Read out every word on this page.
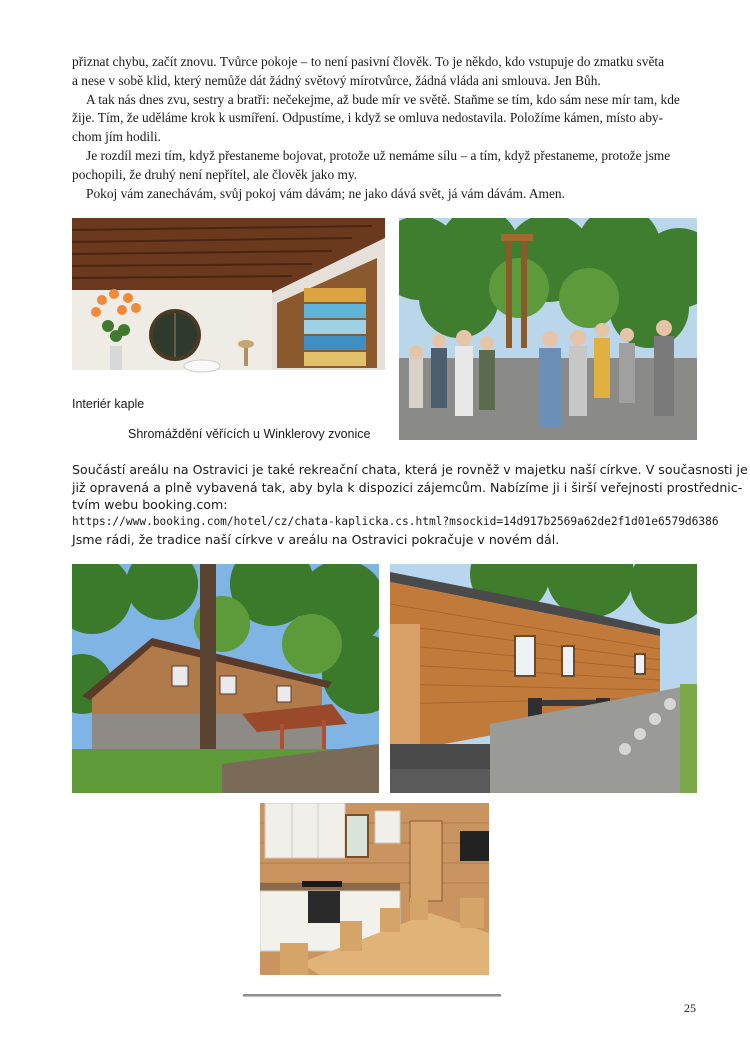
přiznat chybu, začít znovu. Tvůrce pokoje – to není pasivní člověk. To je někdo, kdo vstupuje do zmatku světa
a nese v sobě klid, který nemůže dát žádný světový mírotvůrce, žádná vláda ani smlouva. Jen Bůh.
A tak nás dnes zvu, sestry a bratři: nečekejme, až bude mír ve světě. Staňme se tím, kdo sám nese mír tam, kde
žije. Tím, že uděláme krok k usmíření. Odpustíme, i když se omluva nedostavila. Položíme kámen, místo aby-
chom jím hodili.
Je rozdíl mezi tím, když přestaneme bojovat, protože už nemáme sílu – a tím, když přestaneme, protože jsme
pochopili, že druhý není nepřítel, ale člověk jako my.
Pokoj vám zanechávám, svůj pokoj vám dávám; ne jako dává svět, já vám dávám. Amen.
Interiér kaple
Shromáždění věřících u Winklerovy zvonice
Součástí areálu na Ostravici je také rekreační chata, která je rovněž v majetku naší církve. V současnosti je
již opravená a plně vybavená tak, aby byla k dispozici zájemcům. Nabízíme ji i širší veřejnosti prostřednic-
tvím webu booking.com:
https://www.booking.com/hotel/cz/chata-kaplicka.cs.html?msockid=14d917b2569a62de2f1d01e6579d6386
Jsme rádi, že tradice naší církve v areálu na Ostravici pokračuje v novém dál.
25
